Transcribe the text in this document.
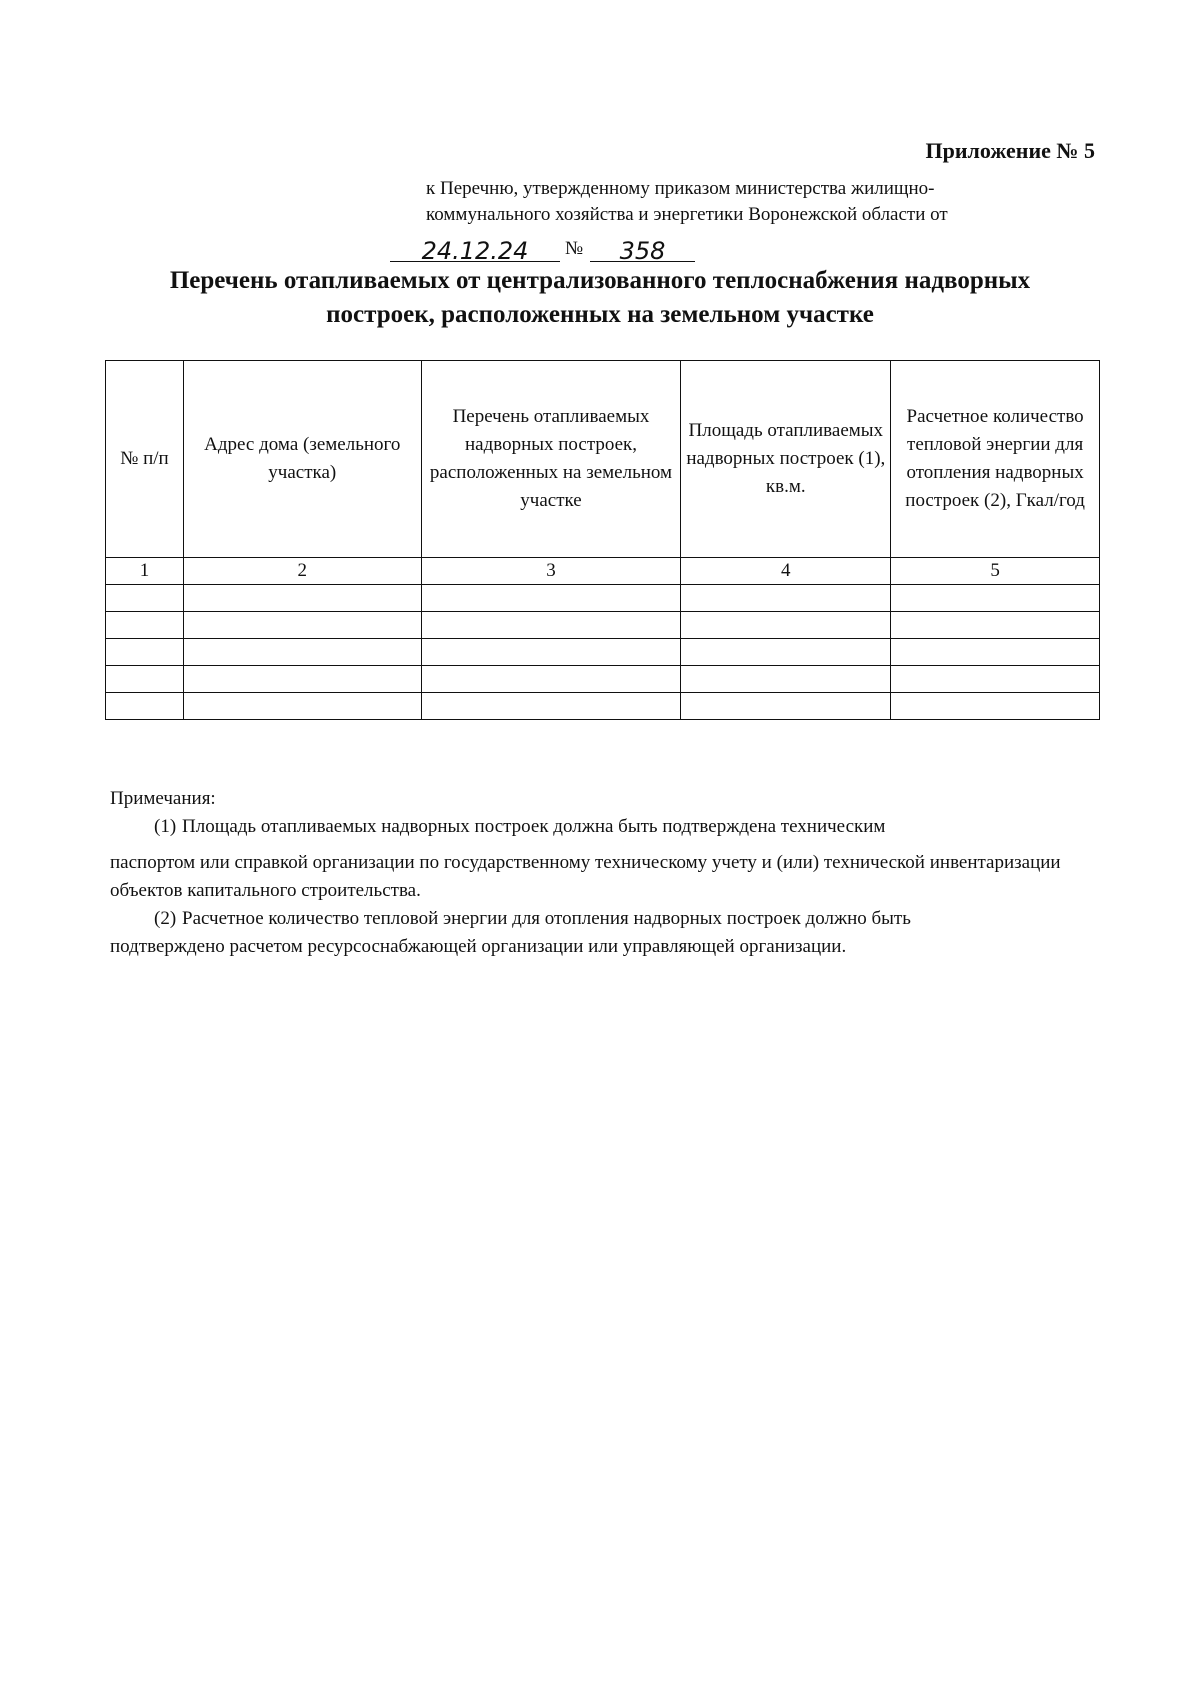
Приложение № 5
к Перечню, утвержденному приказом министерства жилищно-
коммунального хозяйства и энергетики Воронежской области от
24.12.24	№	358
Перечень отапливаемых от централизованного теплоснабжения надворных
построек, расположенных на земельном участке
№ п/п	Адрес дома (земельного участка)	Перечень отапливаемых надворных построек, расположенных на земельном участке	Площадь отапливаемых надворных построек (1), кв.м.	Расчетное количество тепловой энергии для отопления надворных построек (2), Гкал/год
1	2	3	4	5

Примечания:

(1) Площадь отапливаемых надворных построек должна быть подтверждена техническим

паспортом или справкой организации по государственному техническому учету и (или) технической инвентаризации объектов капитального строительства.

(2) Расчетное количество тепловой энергии для отопления надворных построек должно быть

подтверждено расчетом ресурсоснабжающей организации или управляющей организации.
